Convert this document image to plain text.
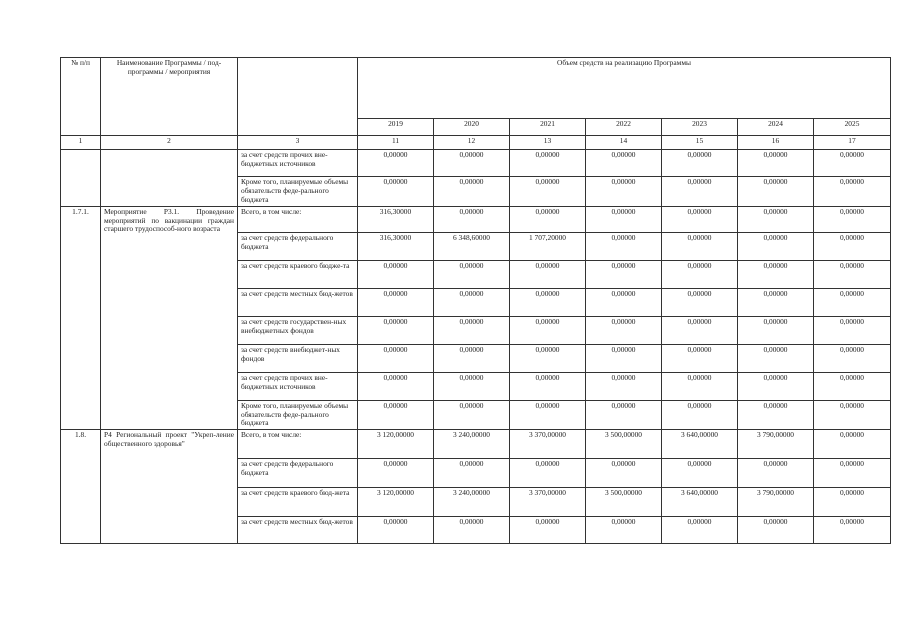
№ п/п	Наименование Программы / под-программы / мероприятия		Объем средств на реализацию Программы						
			2019	2020	2021	2022	2023	2024	2025
1	2	3	11	12	13	14	15	16	17
		за счет средств прочих вне-бюджетных источников	0,00000	0,00000	0,00000	0,00000	0,00000	0,00000	0,00000
		Кроме того, планируемые объемы обязательств феде-рального бюджета	0,00000	0,00000	0,00000	0,00000	0,00000	0,00000	0,00000
1.7.1.	Мероприятие Р3.1. Проведение мероприятий по вакцинации граждан старшего трудоспособ-ного возраста	Всего, в том числе:	316,30000	0,00000	0,00000	0,00000	0,00000	0,00000	0,00000
		за счет средств федерального бюджета	316,30000	6 348,60000	1 707,20000	0,00000	0,00000	0,00000	0,00000
		за счет средств краевого бюдже-та	0,00000	0,00000	0,00000	0,00000	0,00000	0,00000	0,00000
		за счет средств местных бюд-жетов	0,00000	0,00000	0,00000	0,00000	0,00000	0,00000	0,00000
		за счет средств государствен-ных внебюджетных фондов	0,00000	0,00000	0,00000	0,00000	0,00000	0,00000	0,00000
		за счет средств внебюджет-ных фондов	0,00000	0,00000	0,00000	0,00000	0,00000	0,00000	0,00000
		за счет средств прочих вне-бюджетных источников	0,00000	0,00000	0,00000	0,00000	0,00000	0,00000	0,00000
		Кроме того, планируемые объемы обязательств феде-рального бюджета	0,00000	0,00000	0,00000	0,00000	0,00000	0,00000	0,00000
1.8.	Р4 Региональный проект "Укреп-ление общественного здоровья"	Всего, в том числе:	3 120,00000	3 240,00000	3 370,00000	3 500,00000	3 640,00000	3 790,00000	0,00000
		за счет средств федерального бюджета	0,00000	0,00000	0,00000	0,00000	0,00000	0,00000	0,00000
		за счет средств краевого бюд-жета	3 120,00000	3 240,00000	3 370,00000	3 500,00000	3 640,00000	3 790,00000	0,00000
		за счет средств местных бюд-жетов	0,00000	0,00000	0,00000	0,00000	0,00000	0,00000	0,00000
